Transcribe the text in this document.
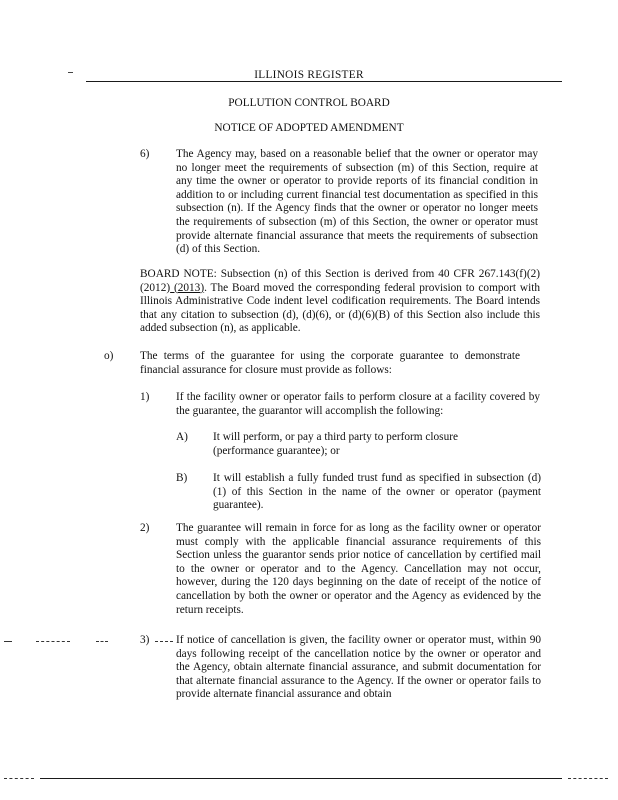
ILLINOIS REGISTER
POLLUTION CONTROL BOARD
NOTICE OF ADOPTED AMENDMENT
6) The Agency may, based on a reasonable belief that the owner or operator may no longer meet the requirements of subsection (m) of this Section, require at any time the owner or operator to provide reports of its financial condition in addition to or including current financial test documentation as specified in this subsection (n). If the Agency finds that the owner or operator no longer meets the requirements of subsection (m) of this Section, the owner or operator must provide alternate financial assurance that meets the requirements of subsection (d) of this Section.
BOARD NOTE: Subsection (n) of this Section is derived from 40 CFR 267.143(f)(2) (2012) (2013). The Board moved the corresponding federal provision to comport with Illinois Administrative Code indent level codification requirements. The Board intends that any citation to subsection (d), (d)(6), or (d)(6)(B) of this Section also include this added subsection (n), as applicable.
o) The terms of the guarantee for using the corporate guarantee to demonstrate financial assurance for closure must provide as follows:
1) If the facility owner or operator fails to perform closure at a facility covered by the guarantee, the guarantor will accomplish the following:
A) It will perform, or pay a third party to perform closure (performance guarantee); or
B) It will establish a fully funded trust fund as specified in subsection (d)(1) of this Section in the name of the owner or operator (payment guarantee).
2) The guarantee will remain in force for as long as the facility owner or operator must comply with the applicable financial assurance requirements of this Section unless the guarantor sends prior notice of cancellation by certified mail to the owner or operator and to the Agency. Cancellation may not occur, however, during the 120 days beginning on the date of receipt of the notice of cancellation by both the owner or operator and the Agency as evidenced by the return receipts.
3) If notice of cancellation is given, the facility owner or operator must, within 90 days following receipt of the cancellation notice by the owner or operator and the Agency, obtain alternate financial assurance, and submit documentation for that alternate financial assurance to the Agency. If the owner or operator fails to provide alternate financial assurance and obtain
